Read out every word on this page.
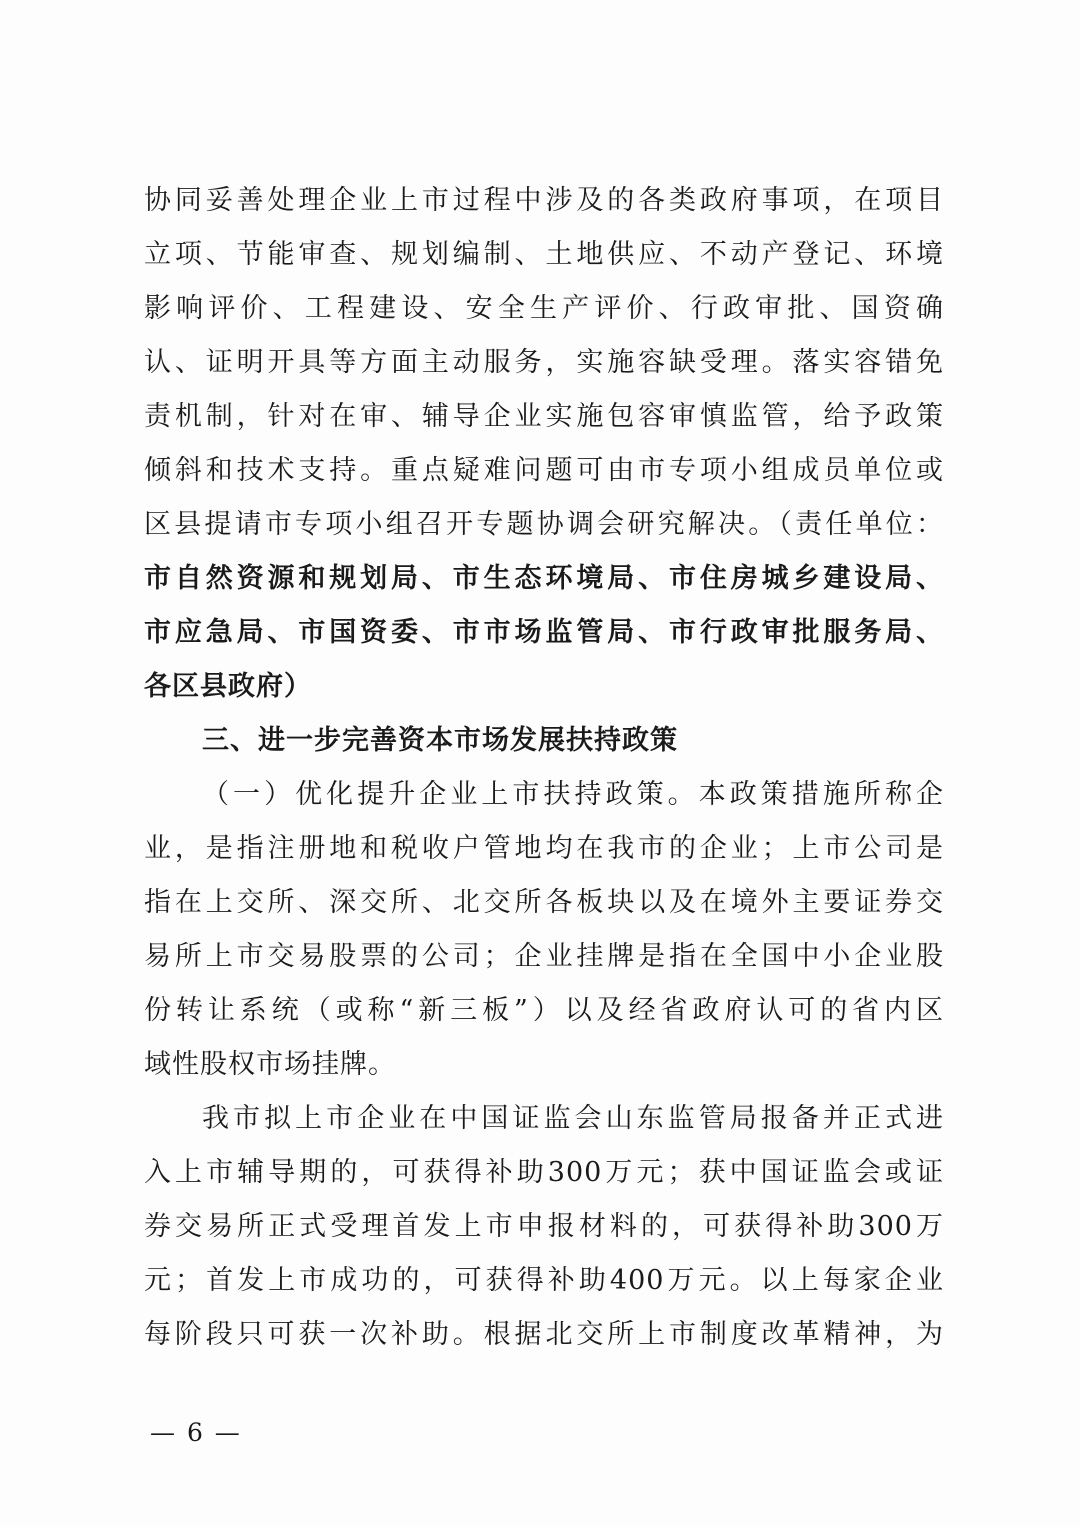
协同妥善处理企业上市过程中涉及的各类政府事项，在项目
立项、节能审查、规划编制、土地供应、不动产登记、环境
影响评价、工程建设、安全生产评价、行政审批、国资确
认、证明开具等方面主动服务，实施容缺受理。落实容错免
责机制，针对在审、辅导企业实施包容审慎监管，给予政策
倾斜和技术支持。重点疑难问题可由市专项小组成员单位或
区县提请市专项小组召开专题协调会研究解决。（责任单位：
市自然资源和规划局、市生态环境局、市住房城乡建设局、
市应急局、市国资委、市市场监管局、市行政审批服务局、
各区县政府）
三、进一步完善资本市场发展扶持政策
（一）优化提升企业上市扶持政策。本政策措施所称企
业，是指注册地和税收户管地均在我市的企业；上市公司是
指在上交所、深交所、北交所各板块以及在境外主要证券交
易所上市交易股票的公司；企业挂牌是指在全国中小企业股
份转让系统（或称“新三板”）以及经省政府认可的省内区
域性股权市场挂牌。
我市拟上市企业在中国证监会山东监管局报备并正式进
入上市辅导期的，可获得补助300万元；获中国证监会或证
券交易所正式受理首发上市申报材料的，可获得补助300万
元；首发上市成功的，可获得补助400万元。以上每家企业
每阶段只可获一次补助。根据北交所上市制度改革精神，为
— 6 —
